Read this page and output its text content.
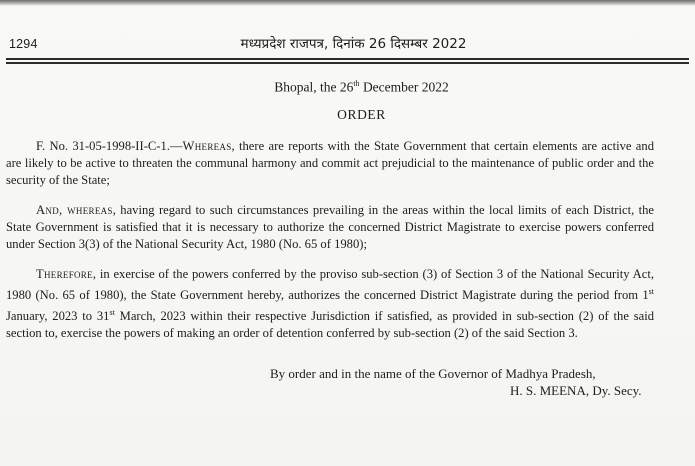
1294	मध्यप्रदेश राजपत्र, दिनांक 26 दिसम्बर 2022
Bhopal, the 26th December 2022
ORDER
F. No. 31-05-1998-II-C-1.—Whereas, there are reports with the State Government that certain elements are active and are likely to be active to threaten the communal harmony and commit act prejudicial to the maintenance of public order and the security of the State;
And, whereas, having regard to such circumstances prevailing in the areas within the local limits of each District, the State Government is satisfied that it is necessary to authorize the concerned District Magistrate to exercise powers conferred under Section 3(3) of the National Security Act, 1980 (No. 65 of 1980);
Therefore, in exercise of the powers conferred by the proviso sub-section (3) of Section 3 of the National Security Act, 1980 (No. 65 of 1980), the State Government hereby, authorizes the concerned District Magistrate during the period from 1st January, 2023 to 31st March, 2023 within their respective Jurisdiction if satisfied, as provided in sub-section (2) of the said section to, exercise the powers of making an order of detention conferred by sub-section (2) of the said Section 3.
By order and in the name of the Governor of Madhya Pradesh,
H. S. MEENA, Dy. Secy.
